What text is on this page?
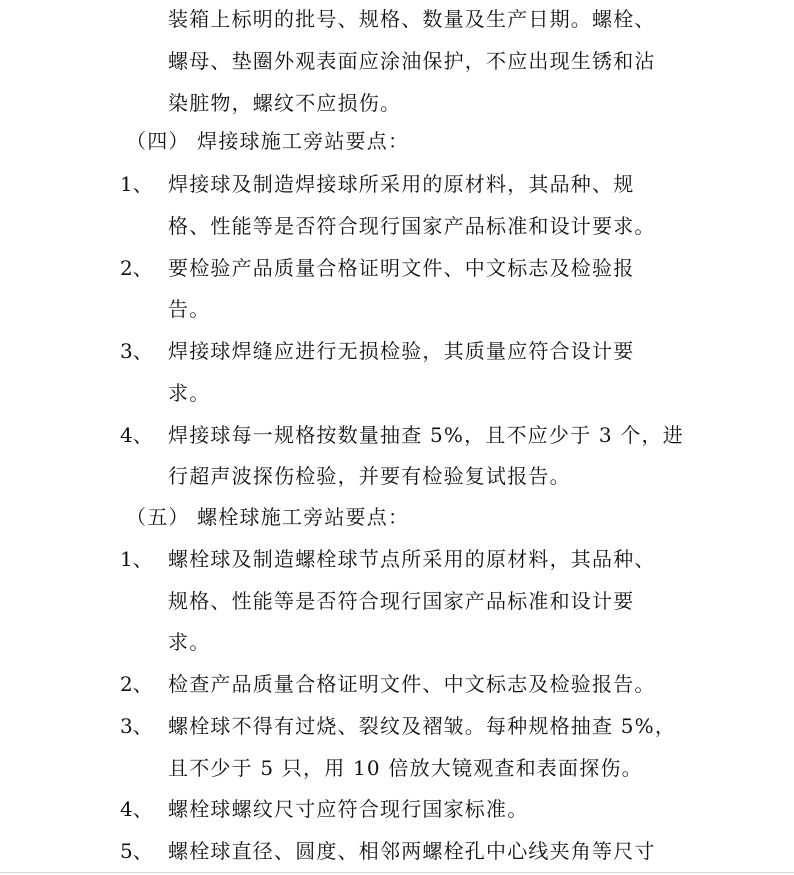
装箱上标明的批号、规格、数量及生产日期。螺栓、
螺母、垫圈外观表面应涂油保护，不应出现生锈和沾
染脏物，螺纹不应损伤。
（四） 焊接球施工旁站要点：
1、 焊接球及制造焊接球所采用的原材料，其品种、规
格、性能等是否符合现行国家产品标准和设计要求。
2、 要检验产品质量合格证明文件、中文标志及检验报
告。
3、 焊接球焊缝应进行无损检验，其质量应符合设计要
求。
4、 焊接球每一规格按数量抽查 5%，且不应少于 3 个，进
行超声波探伤检验，并要有检验复试报告。
（五） 螺栓球施工旁站要点：
1、 螺栓球及制造螺栓球节点所采用的原材料，其品种、
规格、性能等是否符合现行国家产品标准和设计要
求。
2、 检查产品质量合格证明文件、中文标志及检验报告。
3、 螺栓球不得有过烧、裂纹及褶皱。每种规格抽查 5%，
且不少于 5 只，用 10 倍放大镜观查和表面探伤。
4、 螺栓球螺纹尺寸应符合现行国家标准。
5、 螺栓球直径、圆度、相邻两螺栓孔中心线夹角等尺寸
